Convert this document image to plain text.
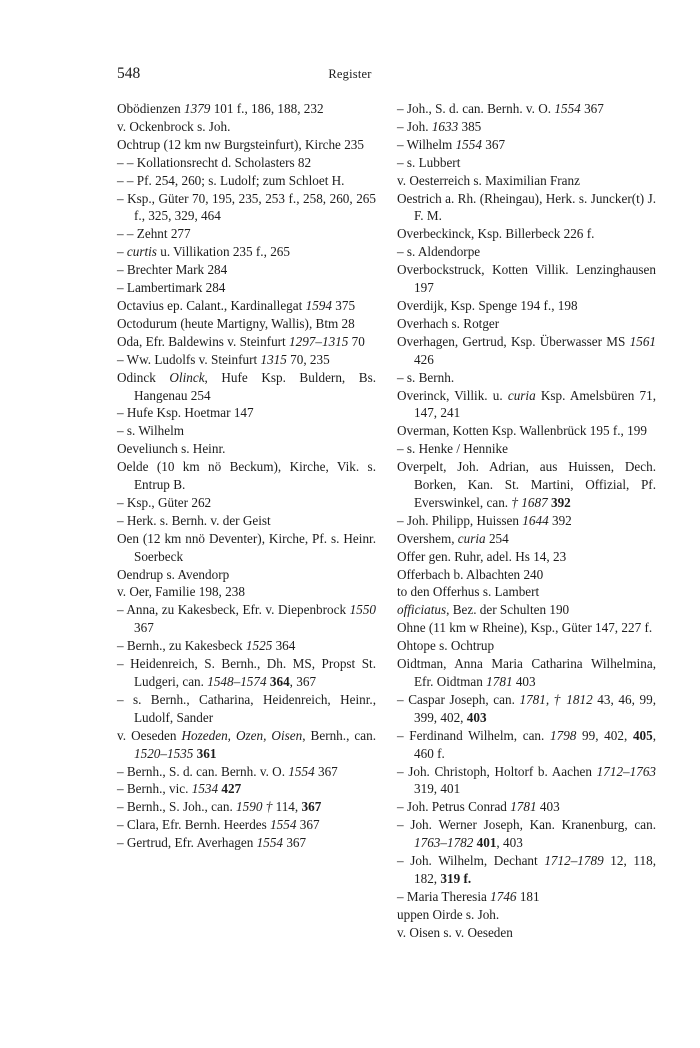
548	Register
Obödienzen 1379 101 f., 186, 188, 232
v. Ockenbrock s. Joh.
Ochtrup (12 km nw Burgsteinfurt), Kirche 235
– – Kollationsrecht d. Scholasters 82
– – Pf. 254, 260; s. Ludolf; zum Schloet H.
– Ksp., Güter 70, 195, 235, 253 f., 258, 260, 265 f., 325, 329, 464
– – Zehnt 277
– curtis u. Villikation 235 f., 265
– Brechter Mark 284
– Lambertimark 284
Octavius ep. Calant., Kardinallegat 1594 375
Octodurum (heute Martigny, Wallis), Btm 28
Oda, Efr. Baldewins v. Steinfurt 1297–1315 70
– Ww. Ludolfs v. Steinfurt 1315 70, 235
Odinck Olinck, Hufe Ksp. Buldern, Bs. Hangenau 254
– Hufe Ksp. Hoetmar 147
– s. Wilhelm
Oeveliunch s. Heinr.
Oelde (10 km nö Beckum), Kirche, Vik. s. Entrup B.
– Ksp., Güter 262
– Herk. s. Bernh. v. der Geist
Oen (12 km nnö Deventer), Kirche, Pf. s. Heinr. Soerbeck
Oendrup s. Avendorp
v. Oer, Familie 198, 238
– Anna, zu Kakesbeck, Efr. v. Diepenbrock 1550 367
– Bernh., zu Kakesbeck 1525 364
– Heidenreich, S. Bernh., Dh. MS, Propst St. Ludgeri, can. 1548–1574 364, 367
– s. Bernh., Catharina, Heidenreich, Heinr., Ludolf, Sander
v. Oeseden Hozeden, Ozen, Oisen, Bernh., can. 1520–1535 361
– Bernh., S. d. can. Bernh. v. O. 1554 367
– Bernh., vic. 1534 427
– Bernh., S. Joh., can. 1590 † 114, 367
– Clara, Efr. Bernh. Heerdes 1554 367
– Gertrud, Efr. Averhagen 1554 367
– Joh., S. d. can. Bernh. v. O. 1554 367
– Joh. 1633 385
– Wilhelm 1554 367
– s. Lubbert
v. Oesterreich s. Maximilian Franz
Oestrich a. Rh. (Rheingau), Herk. s. Juncker(t) J. F. M.
Overbeckinck, Ksp. Billerbeck 226 f.
– s. Aldendorpe
Overbockstruck, Kotten Villik. Lenzinghausen 197
Overdijk, Ksp. Spenge 194 f., 198
Overhach s. Rotger
Overhagen, Gertrud, Ksp. Überwasser MS 1561 426
– s. Bernh.
Overinck, Villik. u. curia Ksp. Amelsbüren 71, 147, 241
Overman, Kotten Ksp. Wallenbrück 195 f., 199
– s. Henke / Hennike
Overpelt, Joh. Adrian, aus Huissen, Dech. Borken, Kan. St. Martini, Offizial, Pf. Everswinkel, can. † 1687 392
– Joh. Philipp, Huissen 1644 392
Overshem, curia 254
Offer gen. Ruhr, adel. Hs 14, 23
Offerbach b. Albachten 240
to den Offerhus s. Lambert
officiatus, Bez. der Schulten 190
Ohne (11 km w Rheine), Ksp., Güter 147, 227 f.
Ohtope s. Ochtrup
Oidtman, Anna Maria Catharina Wilhelmina, Efr. Oidtman 1781 403
– Caspar Joseph, can. 1781, † 1812 43, 46, 99, 399, 402, 403
– Ferdinand Wilhelm, can. 1798 99, 402, 405, 460 f.
– Joh. Christoph, Holtorf b. Aachen 1712–1763 319, 401
– Joh. Petrus Conrad 1781 403
– Joh. Werner Joseph, Kan. Kranenburg, can. 1763–1782 401, 403
– Joh. Wilhelm, Dechant 1712–1789 12, 118, 182, 319 f.
– Maria Theresia 1746 181
uppen Oirde s. Joh.
v. Oisen s. v. Oeseden
